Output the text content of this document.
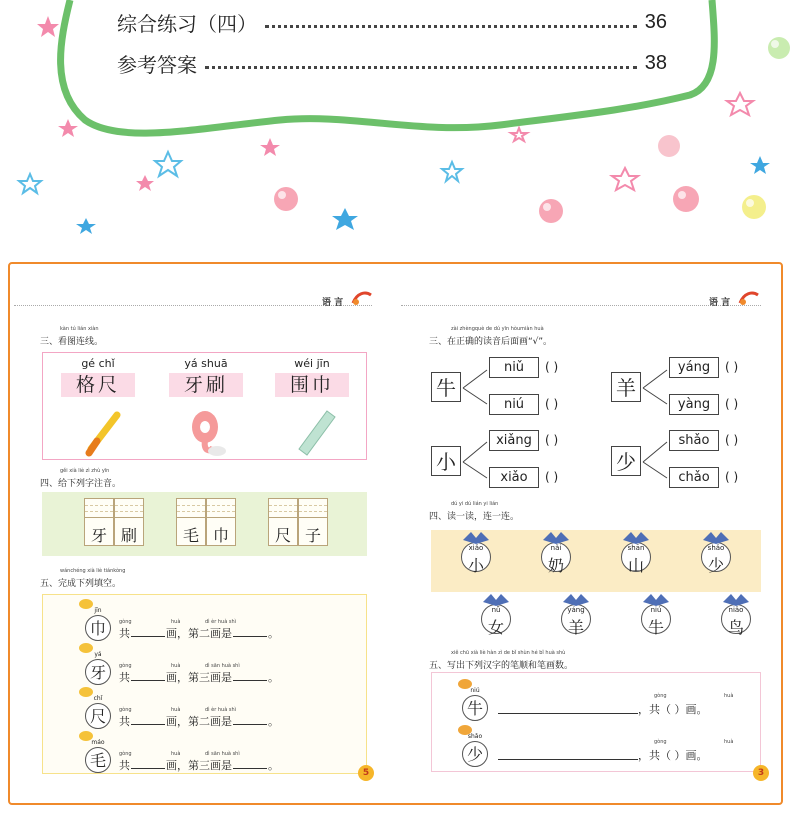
综合练习（四）	36
参考答案	38
语 言
kàn tú lián xiàn
三、看图连线。
gé chǐ
格尺
yá shuā
牙刷
wéi jīn
围巾
gěi xià liè zì zhù yīn
四、给下列字注音。
牙 刷	毛 巾	尺 子
wánchéng xià liè tiánkòng
五、完成下列填空。
jīn
巾	gòng	huà	dì èr huà shì
共	画，第二画是	。
yá
牙	gòng	huà	dì sān huà shì
共	画，第三画是	。
chǐ
尺	gòng	huà	dì èr huà shì
共	画，第二画是	。
máo
毛	gòng	huà	dì sān huà shì
共	画，第三画是	。
5
语 言
zài zhèngquè de dú yīn hòumiàn huà
三、在正确的读音后面画“√”。
牛
niǔ	( )
niú	( )
羊
yáng	( )
yàng	( )
小
xiǎng	( )
xiǎo	( )
少
shǎo	( )
chǎo	( )
dú yi dú lián yi lián
四、读一读，连一连。
xiǎo
小
nǎi
奶
shān
山
shǎo
少
nǚ
女
yáng
羊
niú
牛
niǎo
鸟
xiě chū xià liè hàn zì de bǐ shùn hé bǐ huà shù
五、写出下列汉字的笔顺和笔画数。
niú
牛
gòng	huà
，共（ ）画。
shǎo
少
gòng	huà
，共（ ）画。
3
